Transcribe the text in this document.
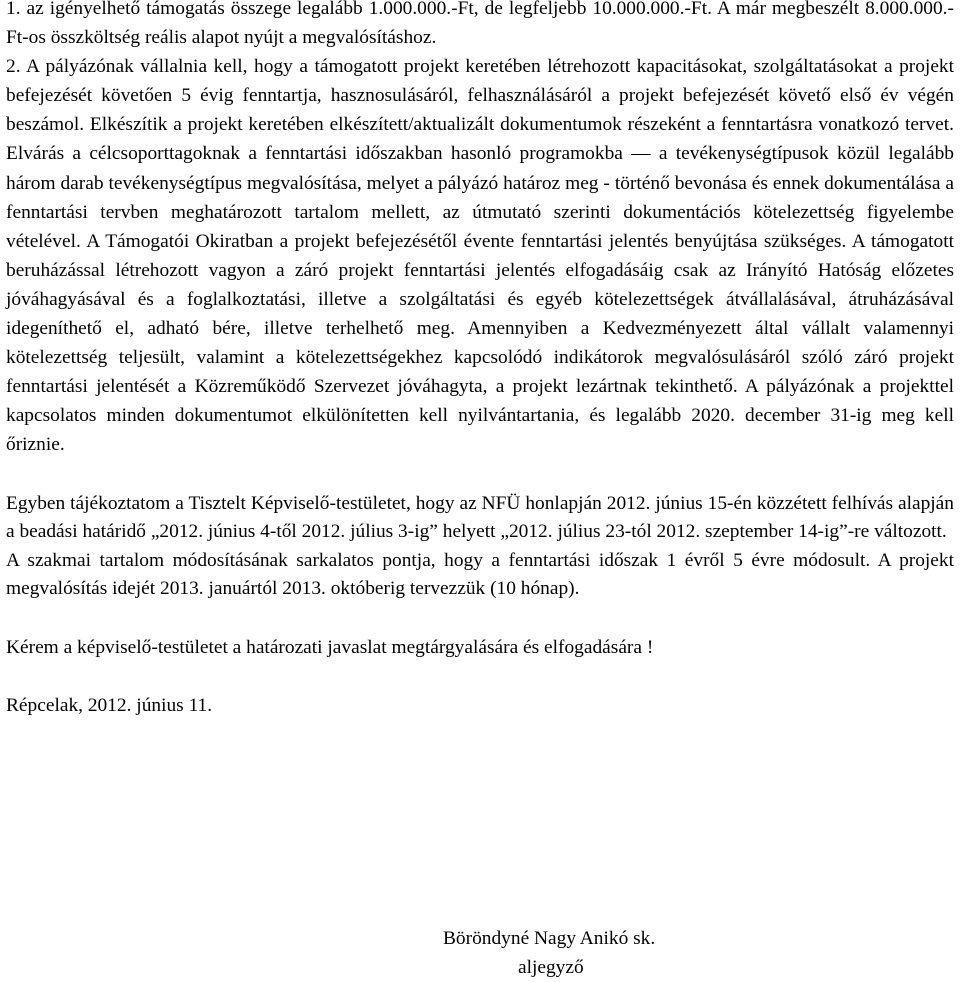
1. az igényelhető támogatás összege legalább 1.000.000.-Ft, de legfeljebb 10.000.000.-Ft. A már megbeszélt 8.000.000.-Ft-os összköltség reális alapot nyújt a megvalósításhoz.

2. A pályázónak vállalnia kell, hogy a támogatott projekt keretében létrehozott kapacitásokat, szolgáltatásokat a projekt befejezését követően 5 évig fenntartja, hasznosulásáról, felhasználásáról a projekt befejezését követő első év végén beszámol. Elkészítik a projekt keretében elkészített/aktualizált dokumentumok részeként a fenntartásra vonatkozó tervet. Elvárás a célcsoporttagoknak a fenntartási időszakban hasonló programokba — a tevékenységtípusok közül legalább három darab tevékenységtípus megvalósítása, melyet a pályázó határoz meg - történő bevonása és ennek dokumentálása a fenntartási tervben meghatározott tartalom mellett, az útmutató szerinti dokumentációs kötelezettség figyelembe vételével. A Támogatói Okiratban a projekt befejezésétől évente fenntartási jelentés benyújtása szükséges. A támogatott beruházással létrehozott vagyon a záró projekt fenntartási jelentés elfogadásáig csak az Irányító Hatóság előzetes jóváhagyásával és a foglalkoztatási, illetve a szolgáltatási és egyéb kötelezettségek átvállalásával, átruházásával idegeníthető el, adható bére, illetve terhelhető meg. Amennyiben a Kedvezményezett által vállalt valamennyi kötelezettség teljesült, valamint a kötelezettségekhez kapcsolódó indikátorok megvalósulásáról szóló záró projekt fenntartási jelentését a Közreműködő Szervezet jóváhagyta, a projekt lezártnak tekinthető. A pályázónak a projekttel kapcsolatos minden dokumentumot elkülönítetten kell nyilvántartania, és legalább 2020. december 31-ig meg kell őriznie.

Egyben tájékoztatom a Tisztelt Képviselő-testületet, hogy az NFÜ honlapján 2012. június 15-én közzétett felhívás alapján a beadási határidő „2012. június 4-től 2012. július 3-ig” helyett „2012. július 23-tól 2012. szeptember 14-ig”-re változott.

A szakmai tartalom módosításának sarkalatos pontja, hogy a fenntartási időszak 1 évről 5 évre módosult. A projekt megvalósítás idejét 2013. januártól 2013. októberig tervezzük (10 hónap).

Kérem a képviselő-testületet a határozati javaslat megtárgyalására és elfogadására !

Répcelak, 2012. június 11.

Böröndyné Nagy Anikó sk.
aljegyző
